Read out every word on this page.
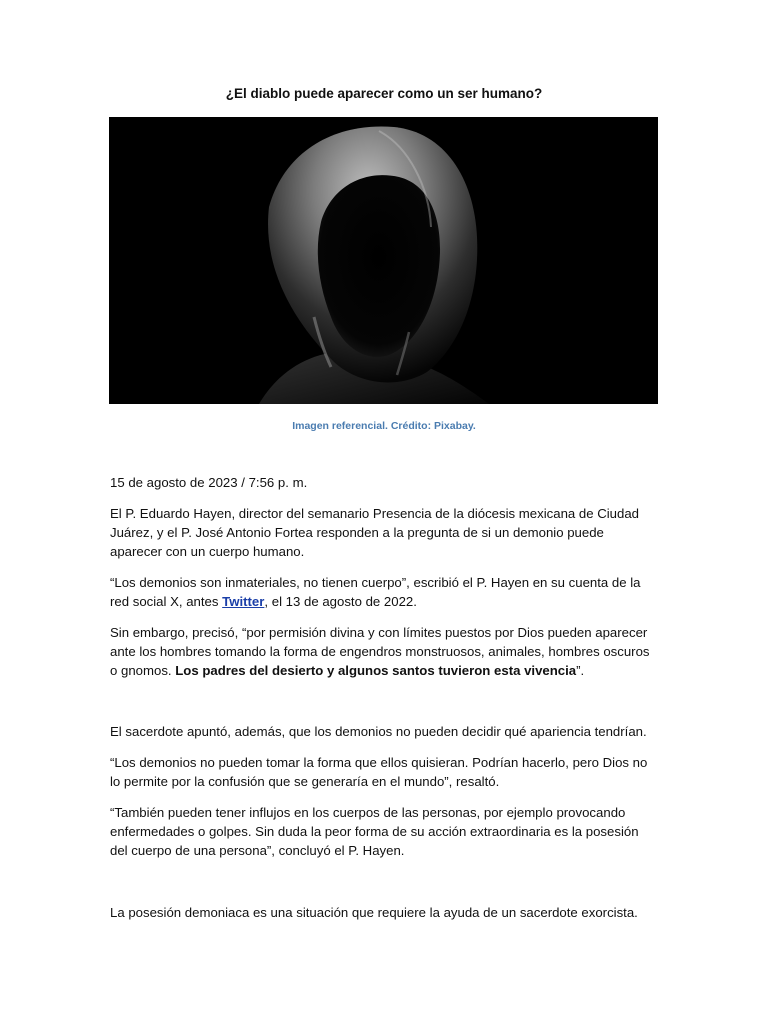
¿El diablo puede aparecer como un ser humano?
Imagen referencial. Crédito: Pixabay.

15 de agosto de 2023 / 7:56 p. m.

El P. Eduardo Hayen, director del semanario Presencia de la diócesis mexicana de Ciudad Juárez, y el P. José Antonio Fortea responden a la pregunta de si un demonio puede aparecer con un cuerpo humano.

“Los demonios son inmateriales, no tienen cuerpo”, escribió el P. Hayen en su cuenta de la red social X, antes Twitter, el 13 de agosto de 2022.

Sin embargo, precisó, “por permisión divina y con límites puestos por Dios pueden aparecer ante los hombres tomando la forma de engendros monstruosos, animales, hombres oscuros o gnomos. Los padres del desierto y algunos santos tuvieron esta vivencia”.

El sacerdote apuntó, además, que los demonios no pueden decidir qué apariencia tendrían.

“Los demonios no pueden tomar la forma que ellos quisieran. Podrían hacerlo, pero Dios no lo permite por la confusión que se generaría en el mundo”, resaltó.

“También pueden tener influjos en los cuerpos de las personas, por ejemplo provocando enfermedades o golpes. Sin duda la peor forma de su acción extraordinaria es la posesión del cuerpo de una persona”, concluyó el P. Hayen.

La posesión demoniaca es una situación que requiere la ayuda de un sacerdote exorcista.
